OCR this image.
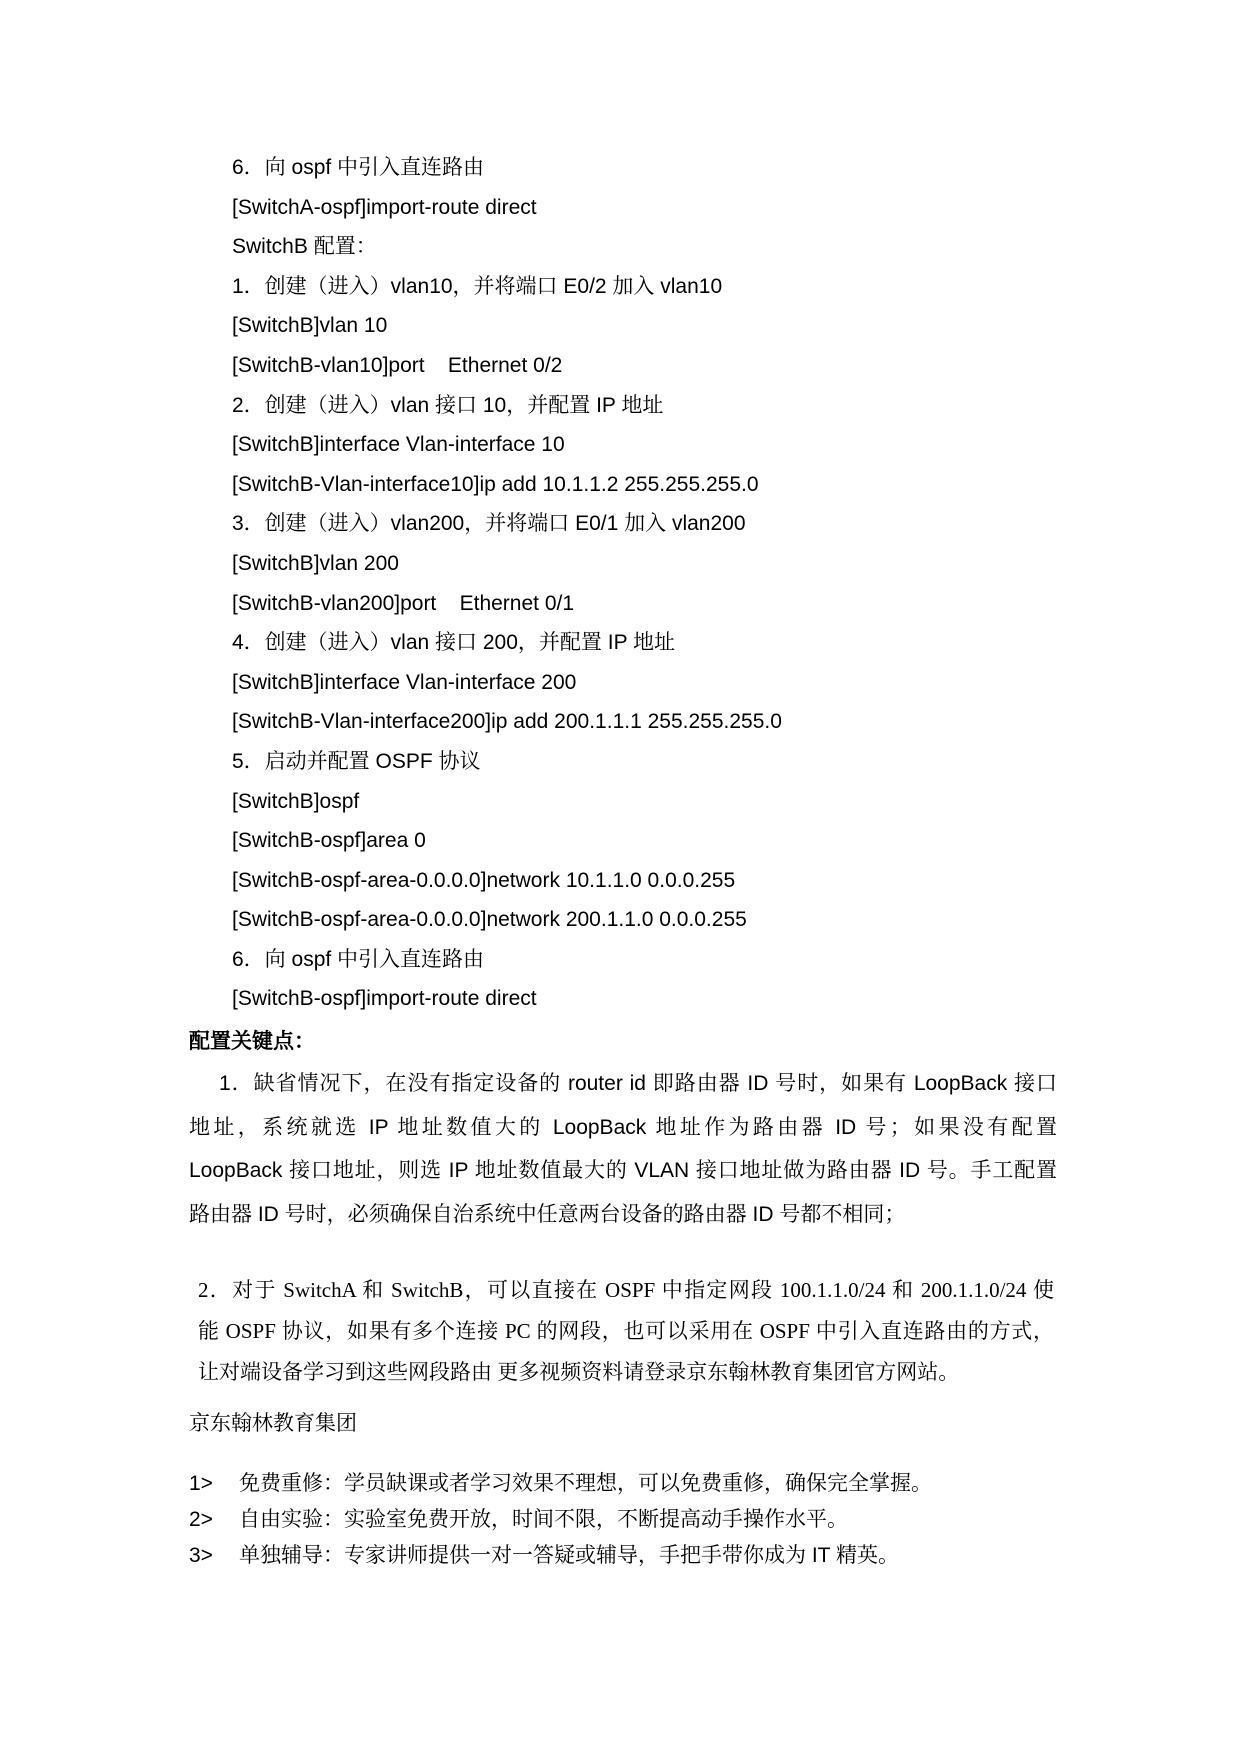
6．向 ospf 中引入直连路由
[SwitchA-ospf]import-route direct
SwitchB 配置：
1．创建（进入）vlan10，并将端口 E0/2 加入 vlan10
[SwitchB]vlan 10
[SwitchB-vlan10]port    Ethernet 0/2
2．创建（进入）vlan 接口 10，并配置 IP 地址
[SwitchB]interface Vlan-interface 10
[SwitchB-Vlan-interface10]ip add 10.1.1.2 255.255.255.0
3．创建（进入）vlan200，并将端口 E0/1 加入 vlan200
[SwitchB]vlan 200
[SwitchB-vlan200]port    Ethernet 0/1
4．创建（进入）vlan 接口 200，并配置 IP 地址
[SwitchB]interface Vlan-interface 200
[SwitchB-Vlan-interface200]ip add 200.1.1.1 255.255.255.0
5．启动并配置 OSPF 协议
[SwitchB]ospf
[SwitchB-ospf]area 0
[SwitchB-ospf-area-0.0.0.0]network 10.1.1.0 0.0.0.255
[SwitchB-ospf-area-0.0.0.0]network 200.1.1.0 0.0.0.255
6．向 ospf 中引入直连路由
[SwitchB-ospf]import-route direct
配置关键点：
1．缺省情况下，在没有指定设备的 router id 即路由器 ID 号时，如果有 LoopBack 接口
地址，系统就选 IP 地址数值大的 LoopBack 地址作为路由器 ID 号；如果没有配置
LoopBack 接口地址，则选 IP 地址数值最大的 VLAN 接口地址做为路由器 ID 号。手工配置
路由器 ID 号时，必须确保自治系统中任意两台设备的路由器 ID 号都不相同；
2．对于 SwitchA 和 SwitchB，可以直接在 OSPF 中指定网段 100.1.1.0/24 和 200.1.1.0/24 使
能 OSPF 协议，如果有多个连接 PC 的网段，也可以采用在 OSPF 中引入直连路由的方式，
让对端设备学习到这些网段路由 更多视频资料请登录京东翰林教育集团官方网站。
京东翰林教育集团
1>	免费重修：学员缺课或者学习效果不理想，可以免费重修，确保完全掌握。
2>	自由实验：实验室免费开放，时间不限，不断提高动手操作水平。
3>	单独辅导：专家讲师提供一对一答疑或辅导，手把手带你成为 IT 精英。
